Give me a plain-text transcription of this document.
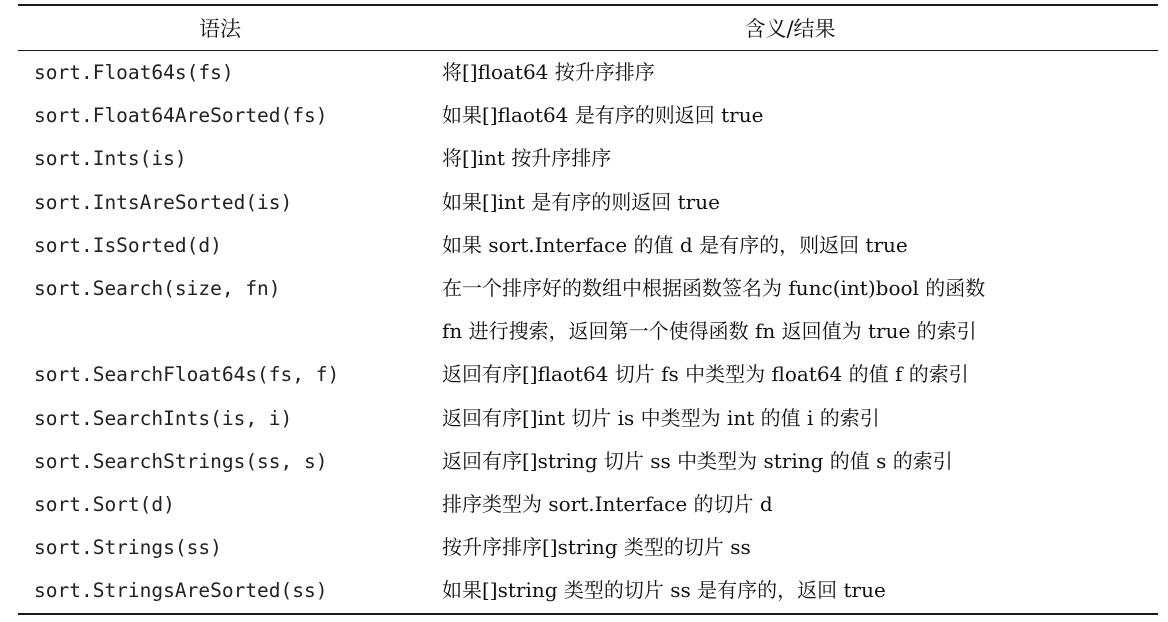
语法	含义/结果
sort.Float64s(fs)	将[]float64 按升序排序
sort.Float64AreSorted(fs)	如果[]flaot64 是有序的则返回 true
sort.Ints(is)	将[]int 按升序排序
sort.IntsAreSorted(is)	如果[]int 是有序的则返回 true
sort.IsSorted(d)	如果 sort.Interface 的值 d 是有序的，则返回 true
sort.Search(size, fn)	在一个排序好的数组中根据函数签名为 func(int)bool 的函数
fn 进行搜索，返回第一个使得函数 fn 返回值为 true 的索引

sort.SearchFloat64s(fs, f)	返回有序[]flaot64 切片 fs 中类型为 float64 的值 f 的索引
sort.SearchInts(is, i)	返回有序[]int 切片 is 中类型为 int 的值 i 的索引
sort.SearchStrings(ss, s)	返回有序[]string 切片 ss 中类型为 string 的值 s 的索引
sort.Sort(d)	排序类型为 sort.Interface 的切片 d
sort.Strings(ss)	按升序排序[]string 类型的切片 ss
sort.StringsAreSorted(ss)	如果[]string 类型的切片 ss 是有序的，返回 true
